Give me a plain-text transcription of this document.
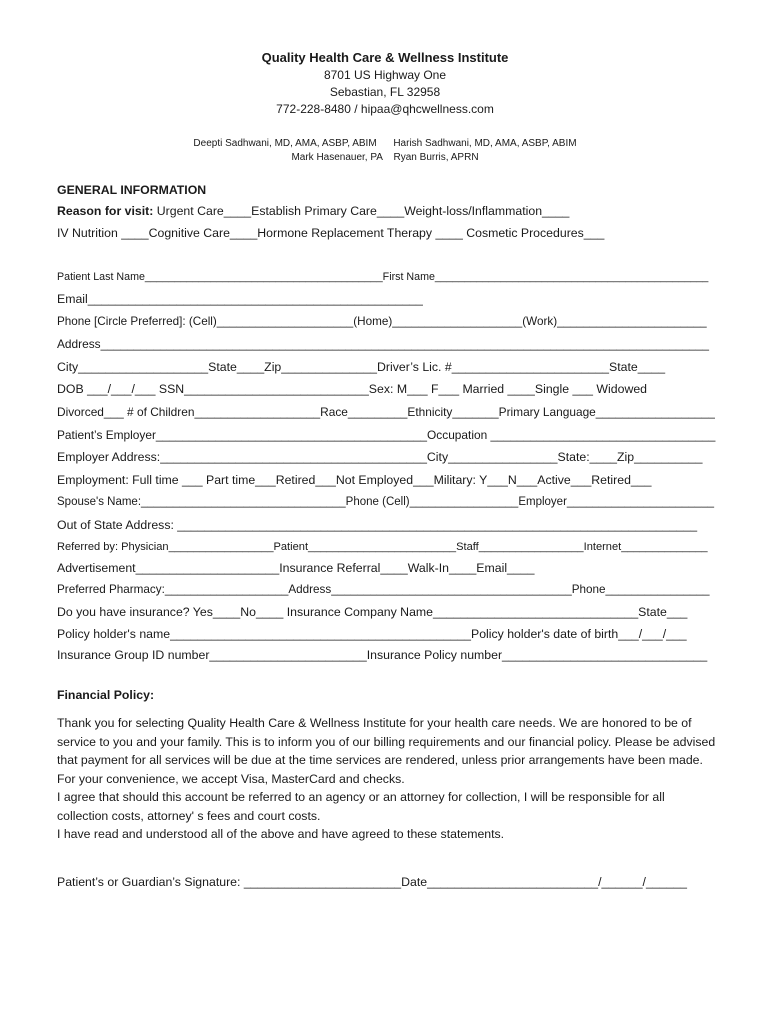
Quality Health Care & Wellness Institute
8701 US Highway One
Sebastian, FL 32958
772-228-8480 / hipaa@qhcwellness.com
Deepti Sadhwani, MD, AMA, ASBP, ABIM      Harish Sadhwani, MD, AMA, ASBP, ABIM
Mark Hasenauer, PA    Ryan Burris, APRN
GENERAL INFORMATION
Reason for visit: Urgent Care____Establish Primary Care____Weight-loss/Inflammation____
IV Nutrition ____Cognitive Care____Hormone Replacement Therapy ____ Cosmetic Procedures___
Patient Last Name________________________________________First Name______________________________________________
Email_________________________________________________
Phone [Circle Preferred]: (Cell)_____________________(Home)____________________(Work)_______________________
Address____________________________________________________________________________________________
City___________________State____Zip______________Driver’s Lic. #_______________________State____
DOB ___/___/___ SSN___________________________Sex: M___ F___ Married ____Single ___ Widowed
Divorced___ # of Children___________________Race_________Ethnicity_______Primary Language__________________
Patient’s Employer_________________________________________Occupation __________________________________
Employer Address:_______________________________________City________________State:____Zip__________
Employment: Full time ___ Part time___Retired___Not Employed___Military: Y___N___Active___Retired___
Spouse's Name:________________________________Phone (Cell)_________________Employer_______________________
Out of State Address: ____________________________________________________________________________
Referred by: Physician_________________Patient________________________Staff_________________Internet______________
Advertisement_____________________Insurance Referral____Walk-In____Email____
Preferred Pharmacy:___________________Address_____________________________________Phone________________
Do you have insurance? Yes____No____ Insurance Company Name______________________________State___
Policy holder's name____________________________________________Policy holder's date of birth___/___/___
Insurance Group ID number_______________________Insurance Policy number______________________________
Financial Policy:

Thank you for selecting Quality Health Care & Wellness Institute for your health care needs. We are honored to be of service to you and your family. This is to inform you of our billing requirements and our financial policy. Please be advised that payment for all services will be due at the time services are rendered, unless prior arrangements have been made. For your convenience, we accept Visa, MasterCard and checks.

I agree that should this account be referred to an agency or an attorney for collection, I will be responsible for all collection costs, attorney' s fees and court costs.

I have read and understood all of the above and have agreed to these statements.

Patient’s or Guardian’s Signature: _______________________Date_________________________/______/______
